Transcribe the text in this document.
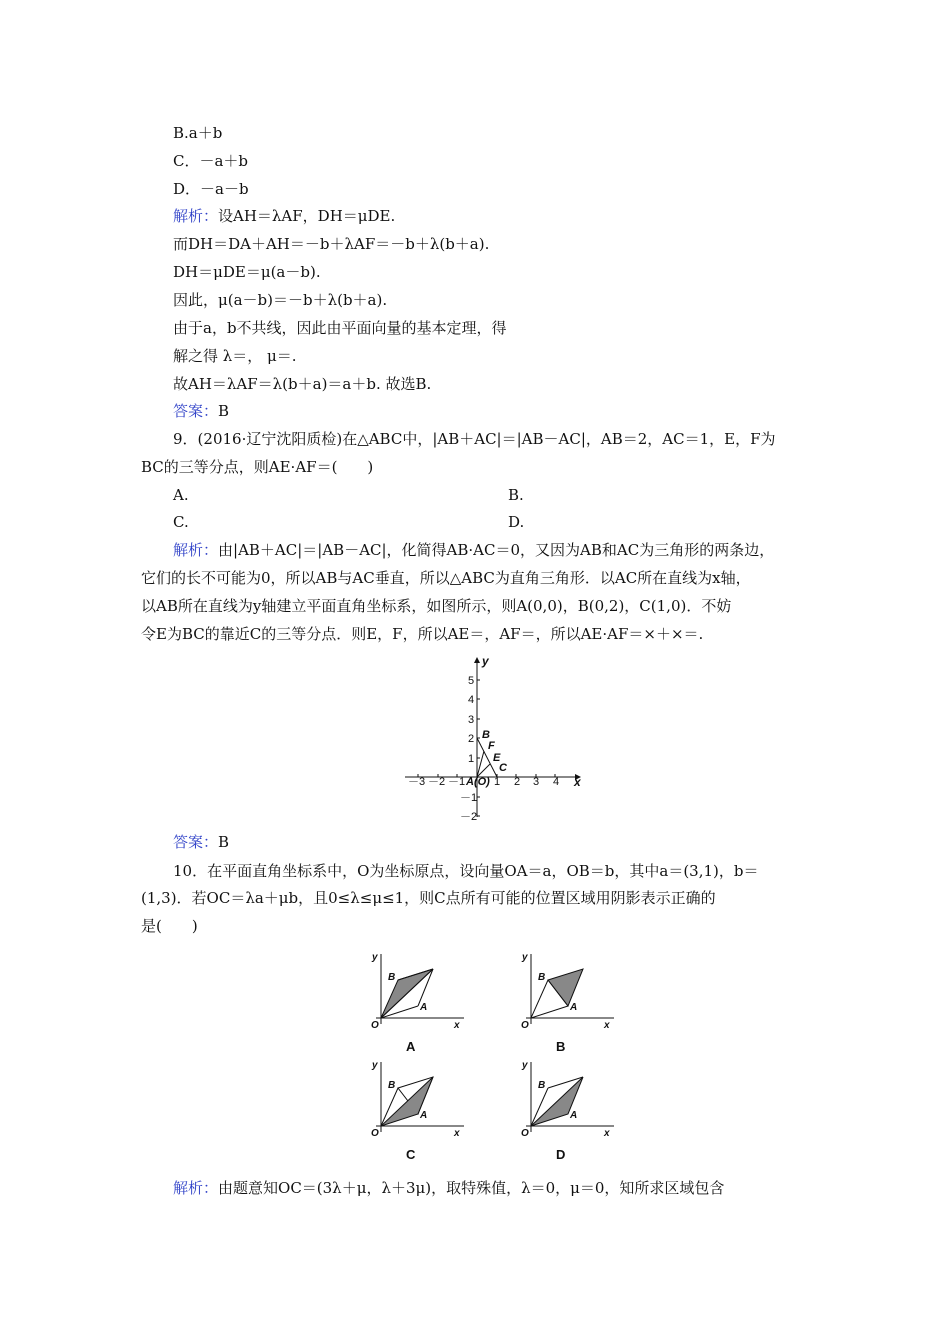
B.a＋b
C．－a＋b
D．－a－b
解析：设AH＝λAF，DH＝μDE.
而DH＝DA＋AH＝－b＋λAF＝－b＋λ(b＋a).
DH＝μDE＝μ(a－b).
因此，μ(a－b)＝－b＋λ(b＋a).
由于a，b不共线，因此由平面向量的基本定理，得
解之得 λ＝， μ＝.
故AH＝λAF＝λ(b＋a)＝a＋b. 故选B.
答案：B
9．(2016·辽宁沈阳质检)在△ABC中，|AB＋AC|＝|AB－AC|，AB＝2，AC＝1，E，F为
BC的三等分点，则AE·AF＝(　　)
A.	B.
C.	D.
解析：由|AB＋AC|＝|AB－AC|，化简得AB·AC＝0，又因为AB和AC为三角形的两条边，
它们的长不可能为0，所以AB与AC垂直，所以△ABC为直角三角形．以AC所在直线为x轴，
以AB所在直线为y轴建立平面直角坐标系，如图所示，则A(0,0)，B(0,2)，C(1,0)．不妨
令E为BC的靠近C的三等分点．则E，F，所以AE＝，AF＝，所以AE·AF＝×＋×＝.
－3 －2 －1	1 2 3 4 x
5
4
3
2
1
－1
－2
y
B
F
E
C
A(O)
答案：B
10．在平面直角坐标系中，O为坐标原点，设向量OA＝a，OB＝b，其中a＝(3,1)，b＝
(1,3)．若OC＝λa＋μb，且0≤λ≤μ≤1，则C点所有可能的位置区域用阴影表示正确的
是(　　)
y
x
O
B
A
A
y
x
O
B
A
B
y
x
O
B
A
C
y
x
O
B
A
D
解析：由题意知OC＝(3λ＋μ，λ＋3μ)，取特殊值，λ＝0，μ＝0，知所求区域包含
